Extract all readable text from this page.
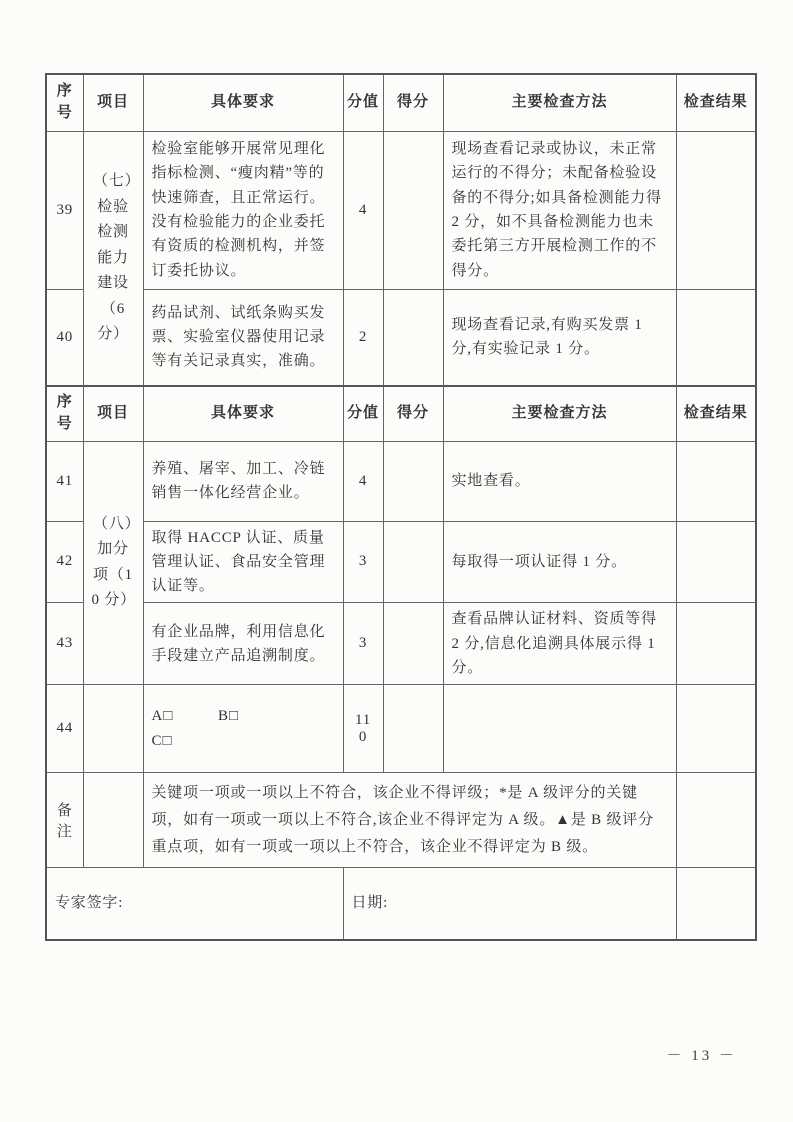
序号	项目	具体要求	分值	得分	主要检查方法	检查结果
39	（七）检验检测能力建设（6分）	检验室能够开展常见理化指标检测、“瘦肉精”等的快速筛查，且正常运行。没有检验能力的企业委托有资质的检测机构，并签订委托协议。	4		现场查看记录或协议，未正常运行的不得分；未配备检验设备的不得分;如具备检测能力得 2 分，如不具备检测能力也未委托第三方开展检测工作的不得分。	
40		药品试剂、试纸条购买发票、实验室仪器使用记录等有关记录真实，准确。	2		现场查看记录,有购买发票 1 分,有实验记录 1 分。	
序号	项目	具体要求	分值	得分	主要检查方法	检查结果
41	（八）加分项（10 分）	养殖、屠宰、加工、冷链销售一体化经营企业。	4		实地查看。	
42		取得 HACCP 认证、质量管理认证、食品安全管理认证等。	3		每取得一项认证得 1 分。	
43		有企业品牌，利用信息化手段建立产品追溯制度。	3		查看品牌认证材料、资质等得 2 分,信息化追溯具体展示得 1 分。	
44		A□ B□ C□	110			
备注		关键项一项或一项以上不符合，该企业不得评级；*是 A 级评分的关键项，如有一项或一项以上不符合,该企业不得评定为 A 级。▲是 B 级评分重点项，如有一项或一项以上不符合，该企业不得评定为 B 级。				
专家签字:			日期:			
－ 13 －
